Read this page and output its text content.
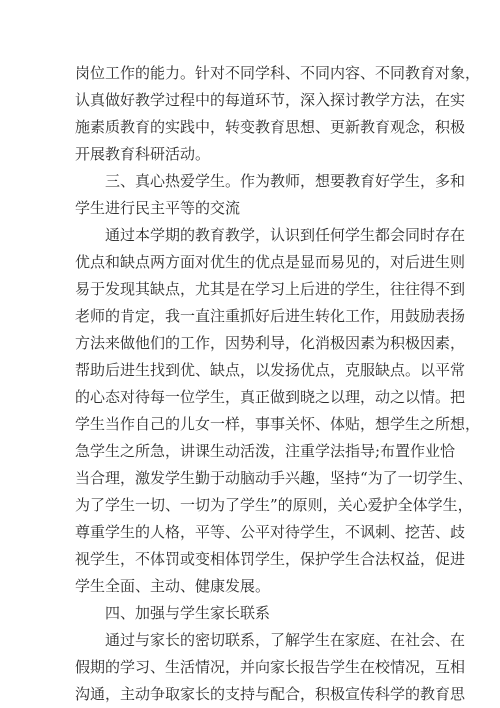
岗位工作的能力。针对不同学科、不同内容、不同教育对象，
认真做好教学过程中的每道环节，深入探讨教学方法，在实
施素质教育的实践中，转变教育思想、更新教育观念，积极
开展教育科研活动。
三、真心热爱学生。作为教师，想要教育好学生，多和
学生进行民主平等的交流
通过本学期的教育教学，认识到任何学生都会同时存在
优点和缺点两方面对优生的优点是显而易见的，对后进生则
易于发现其缺点，尤其是在学习上后进的学生，往往得不到
老师的肯定，我一直注重抓好后进生转化工作，用鼓励表扬
方法来做他们的工作，因势利导，化消极因素为积极因素，
帮助后进生找到优、缺点，以发扬优点，克服缺点。以平常
的心态对待每一位学生，真正做到晓之以理，动之以情。把
学生当作自己的儿女一样，事事关怀、体贴，想学生之所想，
急学生之所急，讲课生动活泼，注重学法指导;布置作业恰
当合理，激发学生勤于动脑动手兴趣，坚持“为了一切学生、
为了学生一切、一切为了学生”的原则，关心爱护全体学生，
尊重学生的人格，平等、公平对待学生，不讽刺、挖苦、歧
视学生，不体罚或变相体罚学生，保护学生合法权益，促进
学生全面、主动、健康发展。
四、加强与学生家长联系
通过与家长的密切联系，了解学生在家庭、在社会、在
假期的学习、生活情况，并向家长报告学生在校情况，互相
沟通，主动争取家长的支持与配合，积极宣传科学的教育思
